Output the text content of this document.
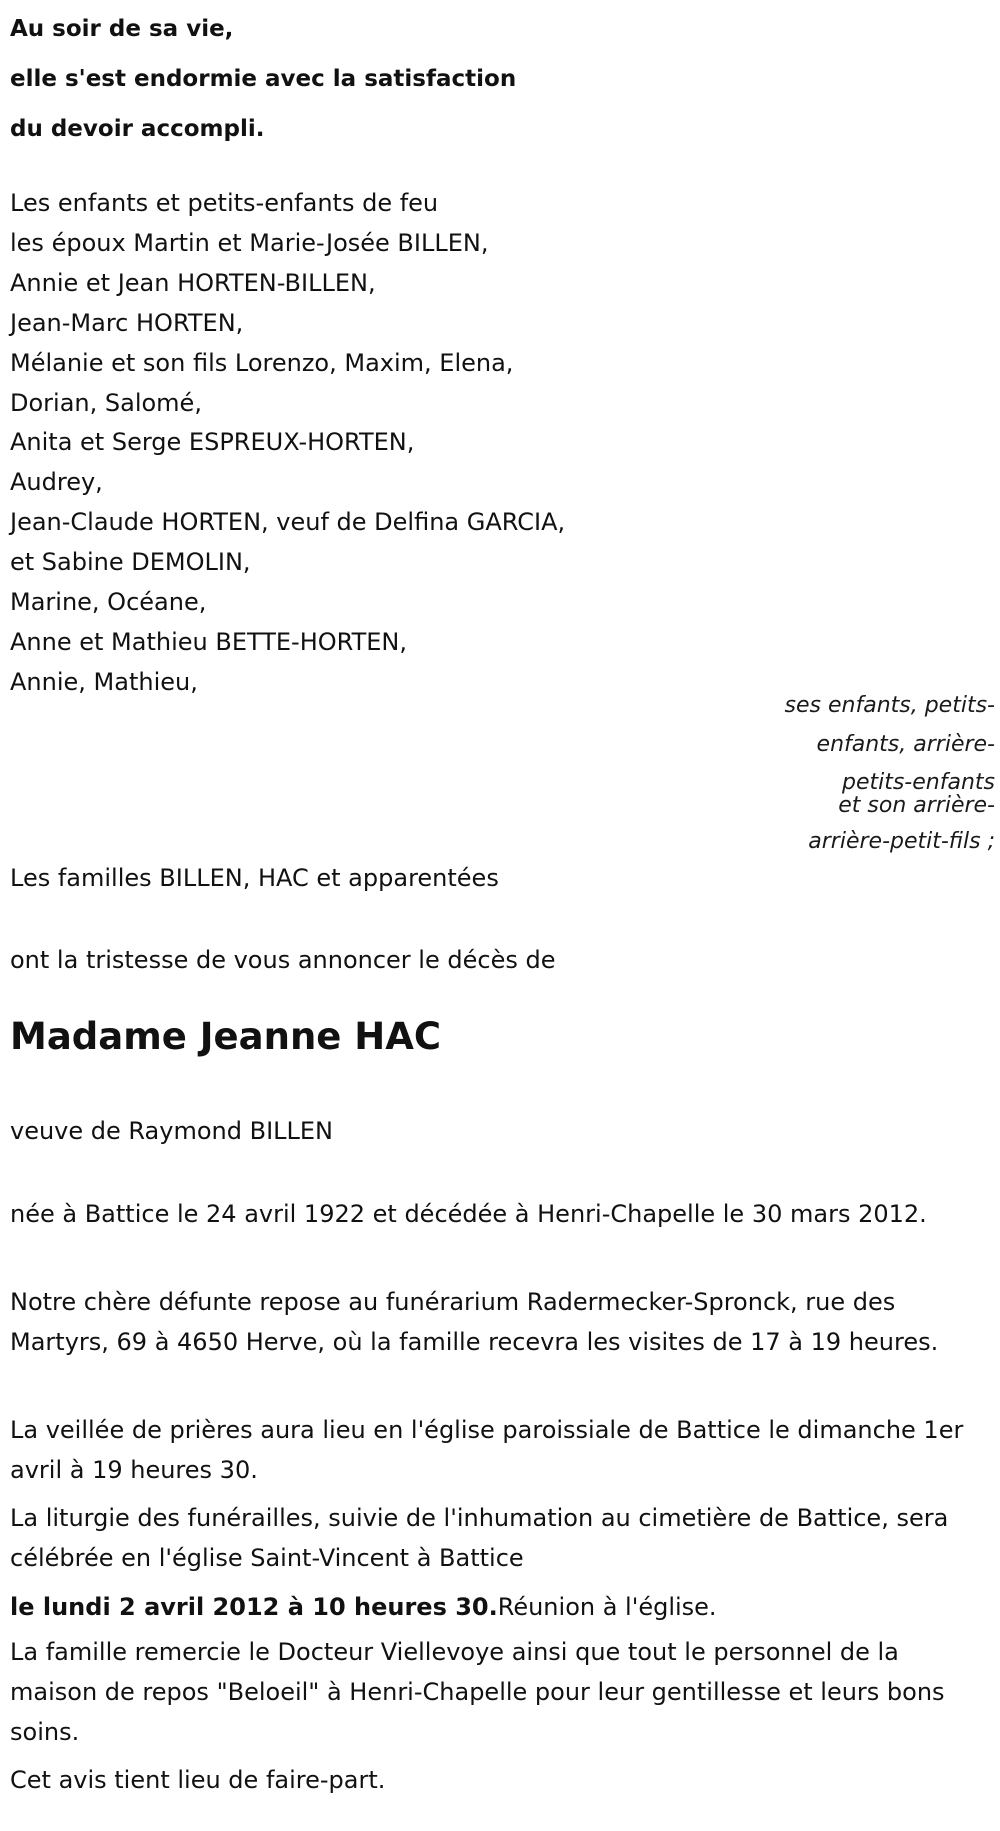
Au soir de sa vie,
elle s'est endormie avec la satisfaction
du devoir accompli.
Les enfants et petits-enfants de feu
les époux Martin et Marie-Josée BILLEN,
Annie et Jean HORTEN-BILLEN,
Jean-Marc HORTEN,
Mélanie et son fils Lorenzo, Maxim, Elena,
Dorian, Salomé,
Anita et Serge ESPREUX-HORTEN,
Audrey,
Jean-Claude HORTEN, veuf de Delfina GARCIA,
et Sabine DEMOLIN,
Marine, Océane,
Anne et Mathieu BETTE-HORTEN,
Annie, Mathieu,
ses enfants, petits-
enfants, arrière-
petits-enfants
et son arrière-
arrière-petit-fils ;
Les familles BILLEN, HAC et apparentées
ont la tristesse de vous annoncer le décès de
Madame Jeanne HAC
veuve de Raymond BILLEN
née à Battice le 24 avril 1922 et décédée à Henri-Chapelle le 30 mars 2012.
Notre chère défunte repose au funérarium Radermecker-Spronck, rue des Martyrs, 69 à 4650 Herve, où la famille recevra les visites de 17 à 19 heures.
La veillée de prières aura lieu en l'église paroissiale de Battice le dimanche 1er avril à 19 heures 30.
La liturgie des funérailles, suivie de l'inhumation au cimetière de Battice, sera célébrée en l'église Saint-Vincent à Battice
le lundi 2 avril 2012 à 10 heures 30.Réunion à l'église.
La famille remercie le Docteur Viellevoye ainsi que tout le personnel de la maison de repos "Beloeil" à Henri-Chapelle pour leur gentillesse et leurs bons soins.
Cet avis tient lieu de faire-part.
